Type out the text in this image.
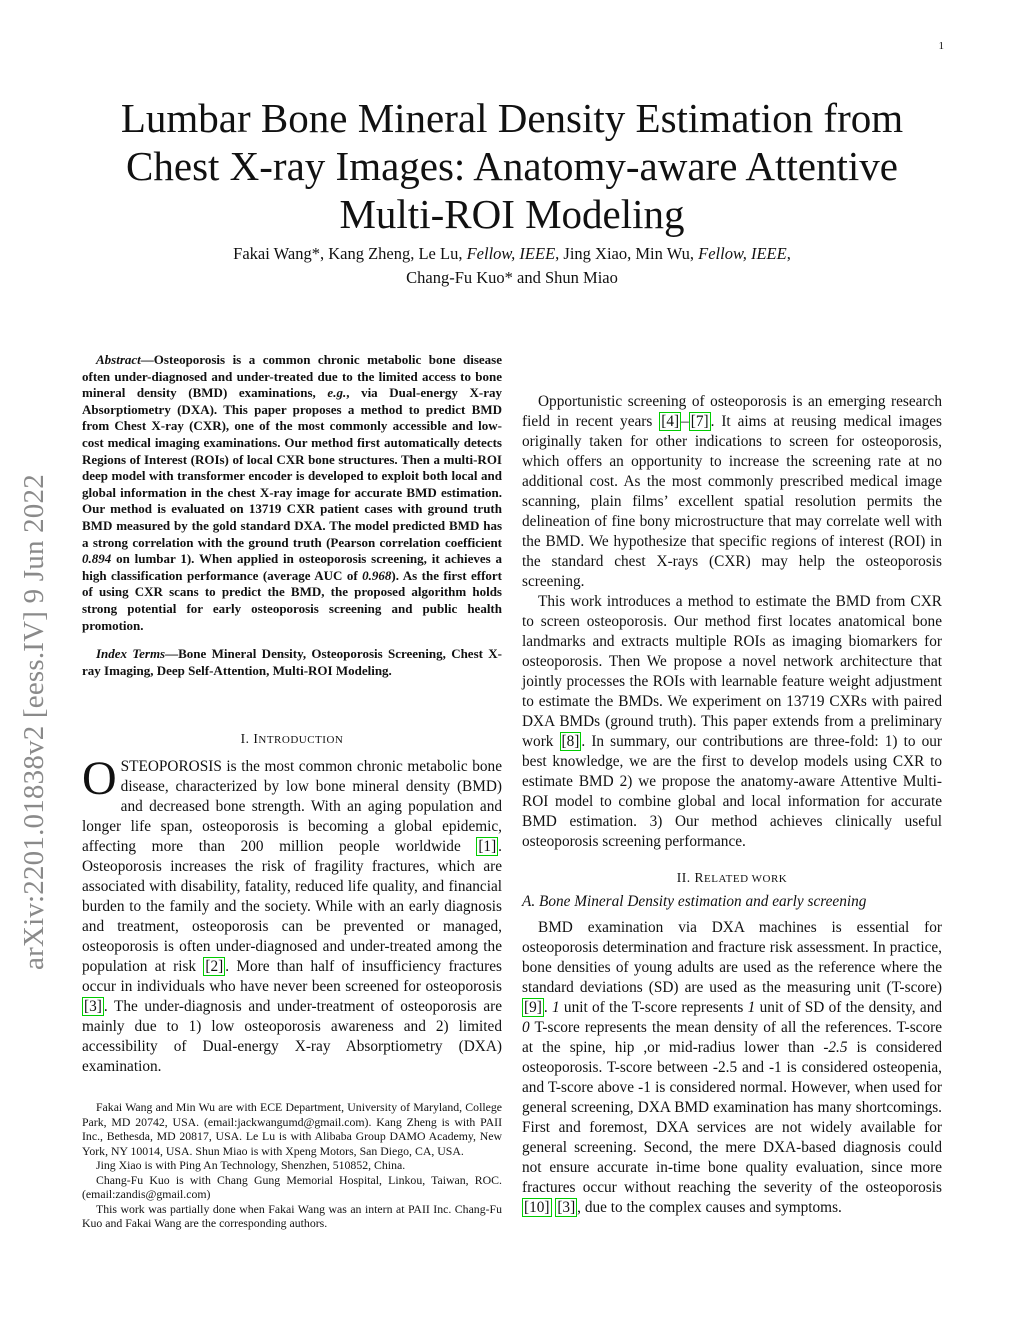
1
arXiv:2201.01838v2 [eess.IV] 9 Jun 2022
Lumbar Bone Mineral Density Estimation from Chest X-ray Images: Anatomy-aware Attentive Multi-ROI Modeling
Fakai Wang*, Kang Zheng, Le Lu, Fellow, IEEE, Jing Xiao, Min Wu, Fellow, IEEE,
Chang-Fu Kuo* and Shun Miao

Abstract—Osteoporosis is a common chronic metabolic bone disease often under-diagnosed and under-treated due to the limited access to bone mineral density (BMD) examinations, e.g., via Dual-energy X-ray Absorptiometry (DXA). This paper proposes a method to predict BMD from Chest X-ray (CXR), one of the most commonly accessible and low-cost medical imaging examinations. Our method first automatically detects Regions of Interest (ROIs) of local CXR bone structures. Then a multi-ROI deep model with transformer encoder is developed to exploit both local and global information in the chest X-ray image for accurate BMD estimation. Our method is evaluated on 13719 CXR patient cases with ground truth BMD measured by the gold standard DXA. The model predicted BMD has a strong correlation with the ground truth (Pearson correlation coefficient 0.894 on lumbar 1). When applied in osteoporosis screening, it achieves a high classification performance (average AUC of 0.968). As the first effort of using CXR scans to predict the BMD, the proposed algorithm holds strong potential for early osteoporosis screening and public health promotion.

Index Terms—Bone Mineral Density, Osteoporosis Screening, Chest X-ray Imaging, Deep Self-Attention, Multi-ROI Modeling.

I. INTRODUCTION

OSTEOPOROSIS is the most common chronic metabolic bone disease, characterized by low bone mineral density (BMD) and decreased bone strength. With an aging population and longer life span, osteoporosis is becoming a global epidemic, affecting more than 200 million people worldwide [1] . Osteoporosis increases the risk of fragility fractures, which are associated with disability, fatality, reduced life quality, and financial burden to the family and the society. While with an early diagnosis and treatment, osteoporosis can be prevented or managed, osteoporosis is often under-diagnosed and under-treated among the population at risk [2] . More than half of insufficiency fractures occur in individuals who have never been screened for osteoporosis [3] . The under-diagnosis and under-treatment of osteoporosis are mainly due to 1) low osteoporosis awareness and 2) limited accessibility of Dual-energy X-ray Absorptiometry (DXA) examination.

Fakai Wang and Min Wu are with ECE Department, University of Maryland, College Park, MD 20742, USA. (email:jackwangumd@gmail.com). Kang Zheng is with PAII Inc., Bethesda, MD 20817, USA. Le Lu is with Alibaba Group DAMO Academy, New York, NY 10014, USA. Shun Miao is with Xpeng Motors, San Diego, CA, USA.

Jing Xiao is with Ping An Technology, Shenzhen, 510852, China.

Chang-Fu Kuo is with Chang Gung Memorial Hospital, Linkou, Taiwan, ROC. (email:zandis@gmail.com)

This work was partially done when Fakai Wang was an intern at PAII Inc. Chang-Fu Kuo and Fakai Wang are the corresponding authors.

Opportunistic screening of osteoporosis is an emerging research field in recent years [4] – [7] . It aims at reusing medical images originally taken for other indications to screen for osteoporosis, which offers an opportunity to increase the screening rate at no additional cost. As the most commonly prescribed medical image scanning, plain films’ excellent spatial resolution permits the delineation of fine bony microstructure that may correlate well with the BMD. We hypothesize that specific regions of interest (ROI) in the standard chest X-rays (CXR) may help the osteoporosis screening.

This work introduces a method to estimate the BMD from CXR to screen osteoporosis. Our method first locates anatomical bone landmarks and extracts multiple ROIs as imaging biomarkers for osteoporosis. Then We propose a novel network architecture that jointly processes the ROIs with learnable feature weight adjustment to estimate the BMDs. We experiment on 13719 CXRs with paired DXA BMDs (ground truth). This paper extends from a preliminary work [8] . In summary, our contributions are three-fold: 1) to our best knowledge, we are the first to develop models using CXR to estimate BMD 2) we propose the anatomy-aware Attentive Multi-ROI model to combine global and local information for accurate BMD estimation. 3) Our method achieves clinically useful osteoporosis screening performance.

II. RELATED WORK
A. Bone Mineral Density estimation and early screening

BMD examination via DXA machines is essential for osteoporosis determination and fracture risk assessment. In practice, bone densities of young adults are used as the reference where the standard deviations (SD) are used as the measuring unit (T-score) [9] . 1 unit of the T-score represents 1 unit of SD of the density, and 0 T-score represents the mean density of all the references. T-score at the spine, hip ,or mid-radius lower than -2.5 is considered osteoporosis. T-score between -2.5 and -1 is considered osteopenia, and T-score above -1 is considered normal. However, when used for general screening, DXA BMD examination has many shortcomings. First and foremost, DXA services are not widely available for general screening. Second, the mere DXA-based diagnosis could not ensure accurate in-time bone quality evaluation, since more fractures occur without reaching the severity of the osteoporosis [10] [3] , due to the complex causes and symptoms.
